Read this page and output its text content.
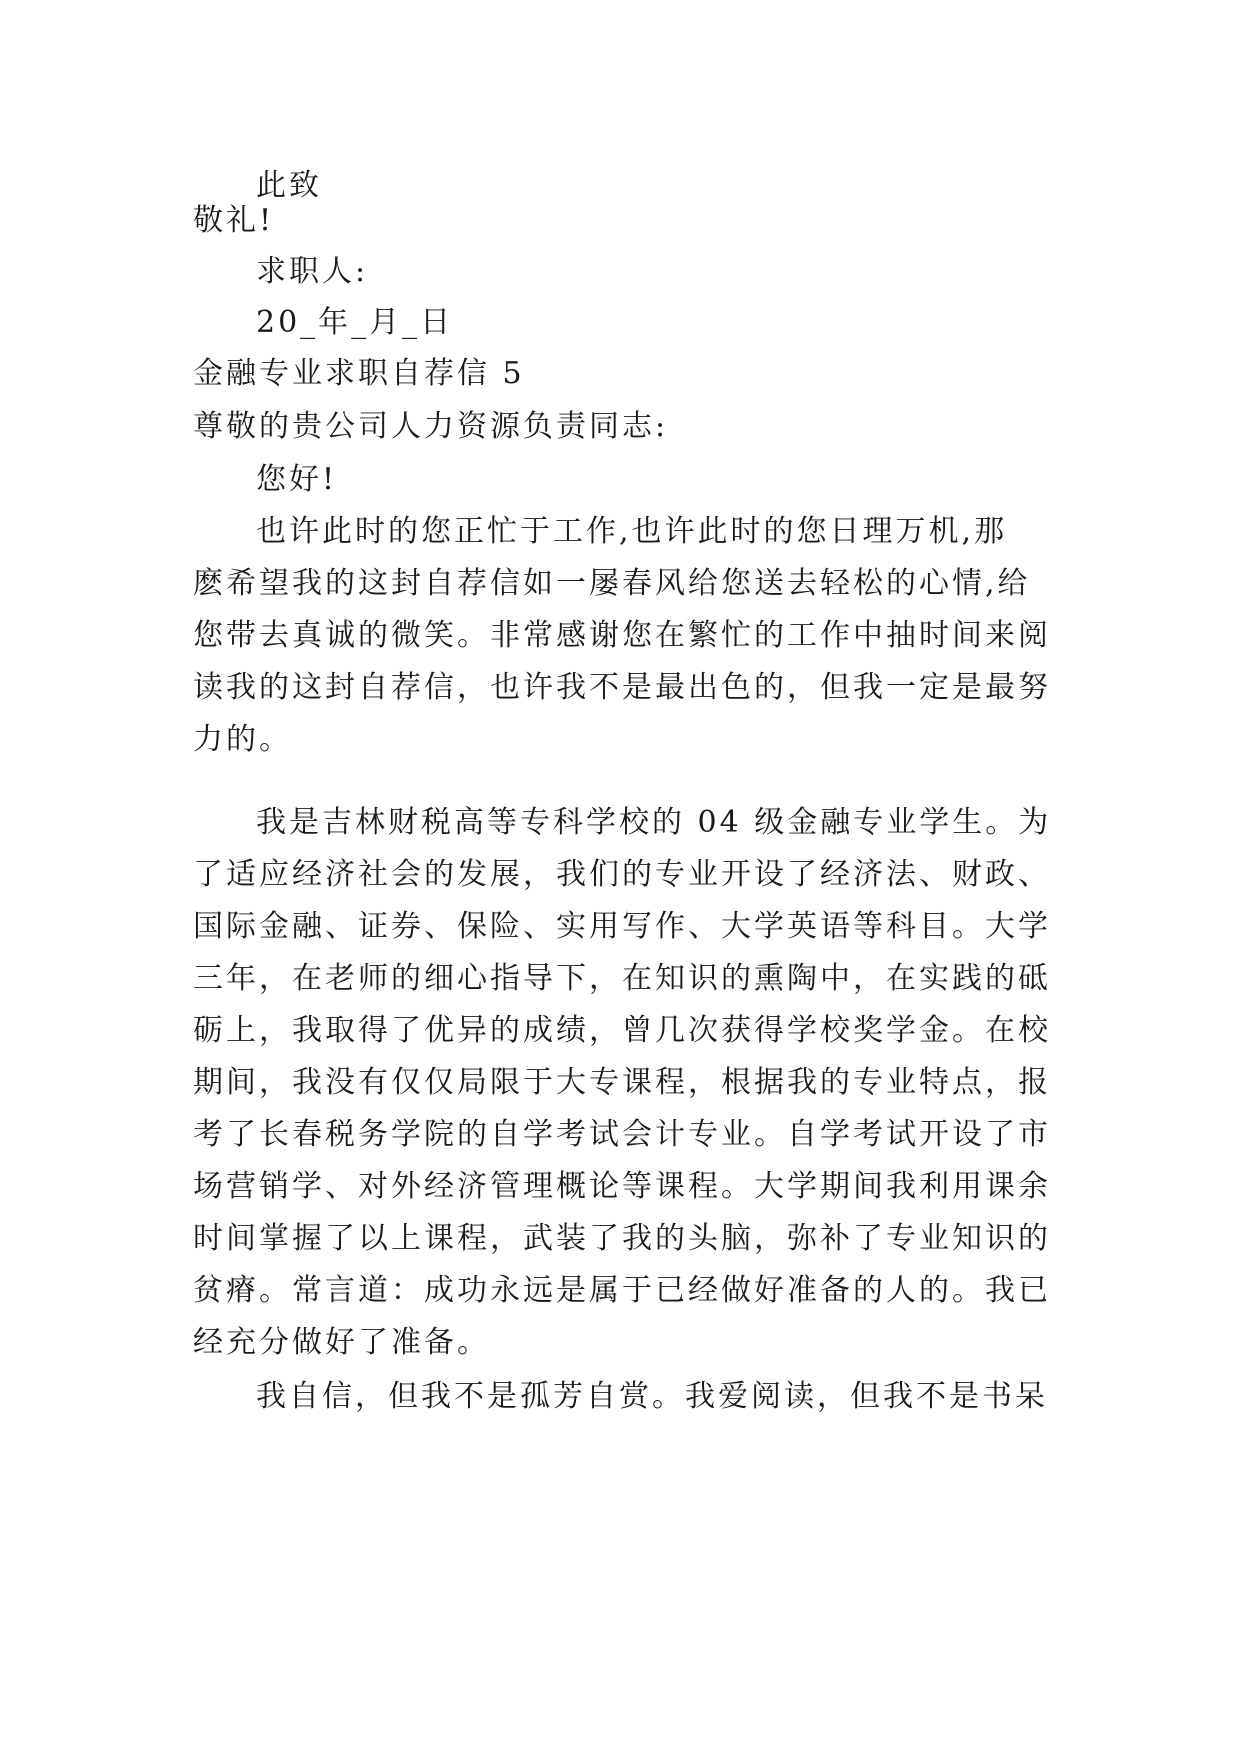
此致
敬礼!
求职人:
20_年_月_日
金融专业求职自荐信 5
尊敬的贵公司人力资源负责同志:
您好!
也许此时的您正忙于工作,也许此时的您日理万机,那
麽希望我的这封自荐信如一屡春风给您送去轻松的心情,给
您带去真诚的微笑。非常感谢您在繁忙的工作中抽时间来阅
读我的这封自荐信，也许我不是最出色的，但我一定是最努
力的。
我是吉林财税高等专科学校的 04 级金融专业学生。为
了适应经济社会的发展，我们的专业开设了经济法、财政、
国际金融、证券、保险、实用写作、大学英语等科目。大学
三年，在老师的细心指导下，在知识的熏陶中，在实践的砥
砺上，我取得了优异的成绩，曾几次获得学校奖学金。在校
期间，我没有仅仅局限于大专课程，根据我的专业特点，报
考了长春税务学院的自学考试会计专业。自学考试开设了市
场营销学、对外经济管理概论等课程。大学期间我利用课余
时间掌握了以上课程，武装了我的头脑，弥补了专业知识的
贫瘠。常言道：成功永远是属于已经做好准备的人的。我已
经充分做好了准备。
我自信，但我不是孤芳自赏。我爱阅读，但我不是书呆
